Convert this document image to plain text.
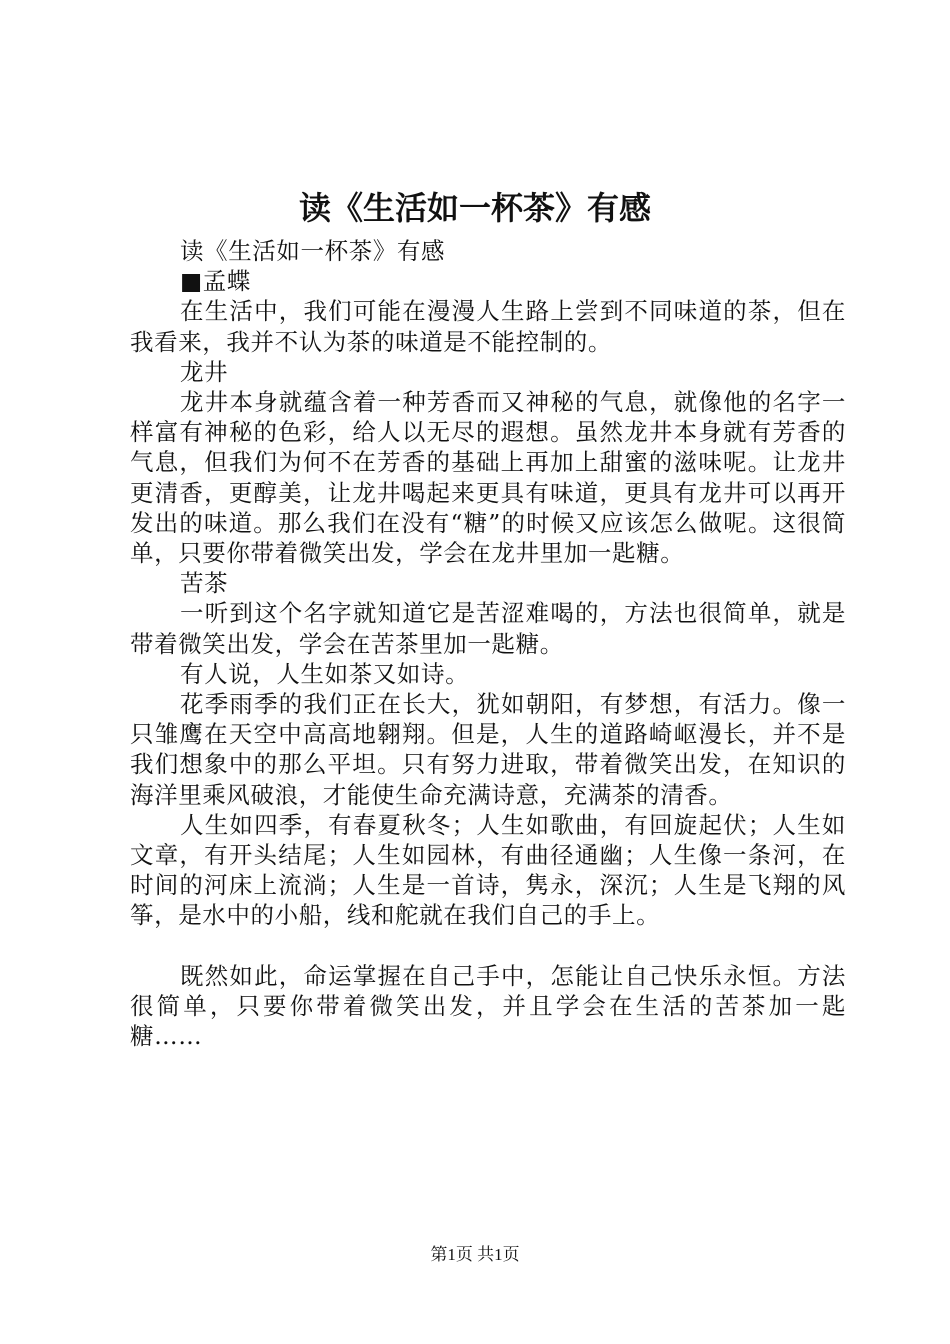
读《生活如一杯茶》有感

读《生活如一杯茶》有感

■孟蝶

在生活中，我们可能在漫漫人生路上尝到不同味道的茶，但在我看来，我并不认为茶的味道是不能控制的。

龙井

龙井本身就蕴含着一种芳香而又神秘的气息，就像他的名字一样富有神秘的色彩，给人以无尽的遐想。虽然龙井本身就有芳香的气息，但我们为何不在芳香的基础上再加上甜蜜的滋味呢。让龙井更清香，更醇美，让龙井喝起来更具有味道，更具有龙井可以再开发出的味道。那么我们在没有“糖”的时候又应该怎么做呢。这很简单，只要你带着微笑出发，学会在龙井里加一匙糖。

苦茶

一听到这个名字就知道它是苦涩难喝的，方法也很简单，就是带着微笑出发，学会在苦茶里加一匙糖。

有人说，人生如茶又如诗。

花季雨季的我们正在长大，犹如朝阳，有梦想，有活力。像一只雏鹰在天空中高高地翱翔。但是，人生的道路崎岖漫长，并不是我们想象中的那么平坦。只有努力进取，带着微笑出发，在知识的海洋里乘风破浪，才能使生命充满诗意，充满茶的清香。

人生如四季，有春夏秋冬；人生如歌曲，有回旋起伏；人生如文章，有开头结尾；人生如园林，有曲径通幽；人生像一条河，在时间的河床上流淌；人生是一首诗，隽永，深沉；人生是飞翔的风筝，是水中的小船，线和舵就在我们自己的手上。

既然如此，命运掌握在自己手中，怎能让自己快乐永恒。方法很简单，只要你带着微笑出发，并且学会在生活的苦茶加一匙糖……

第1页 共1页
